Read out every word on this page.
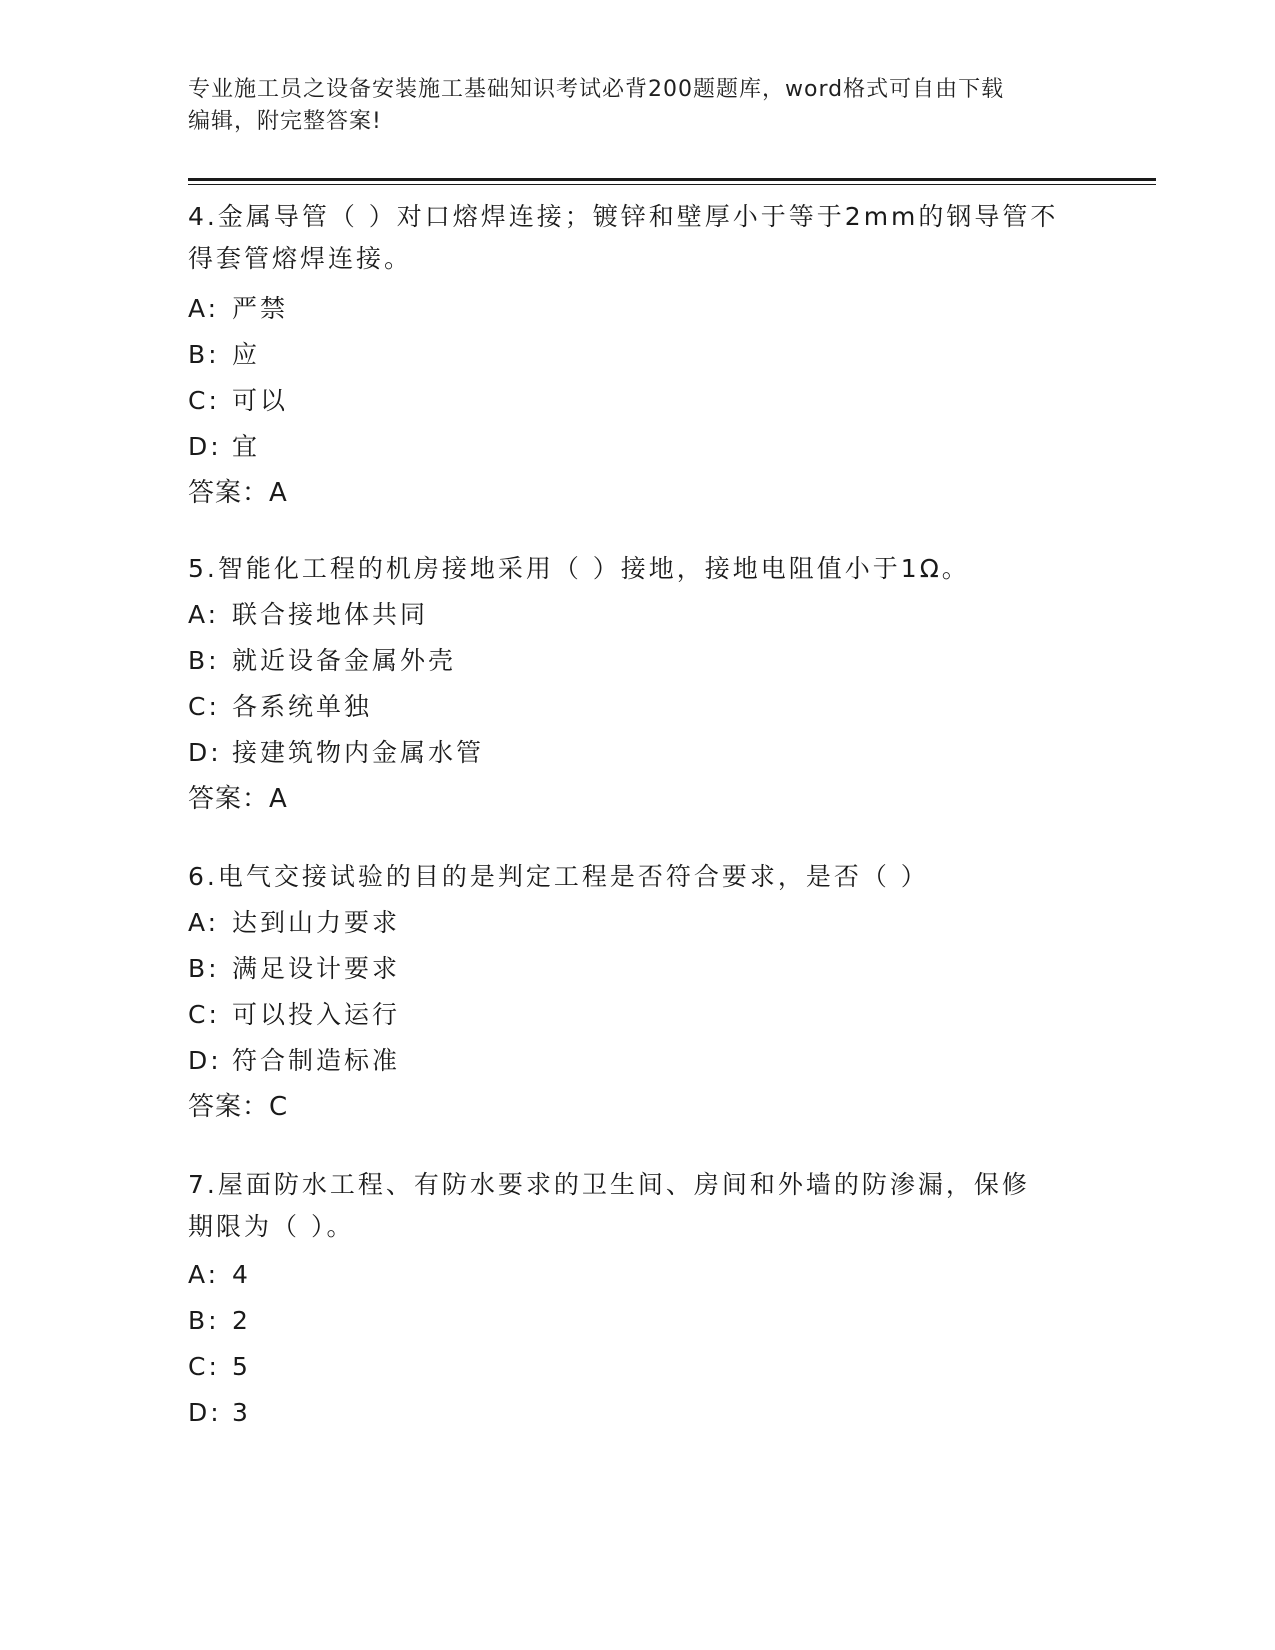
专业施工员之设备安装施工基础知识考试必背200题题库，word格式可自由下载
编辑，附完整答案!

4.金属导管（ ）对口熔焊连接；镀锌和壁厚小于等于2mm的钢导管不

得套管熔焊连接。

A: 严禁

B: 应

C: 可以

D: 宜

答案：A

5.智能化工程的机房接地采用（ ）接地，接地电阻值小于1Ω。

A: 联合接地体共同

B: 就近设备金属外壳

C: 各系统单独

D: 接建筑物内金属水管

答案：A

6.电气交接试验的目的是判定工程是否符合要求，是否（ ）

A: 达到山力要求

B: 满足设计要求

C: 可以投入运行

D: 符合制造标准

答案：C

7.屋面防水工程、有防水要求的卫生间、房间和外墙的防渗漏，保修

期限为（ ）。

A: 4

B: 2

C: 5

D: 3
